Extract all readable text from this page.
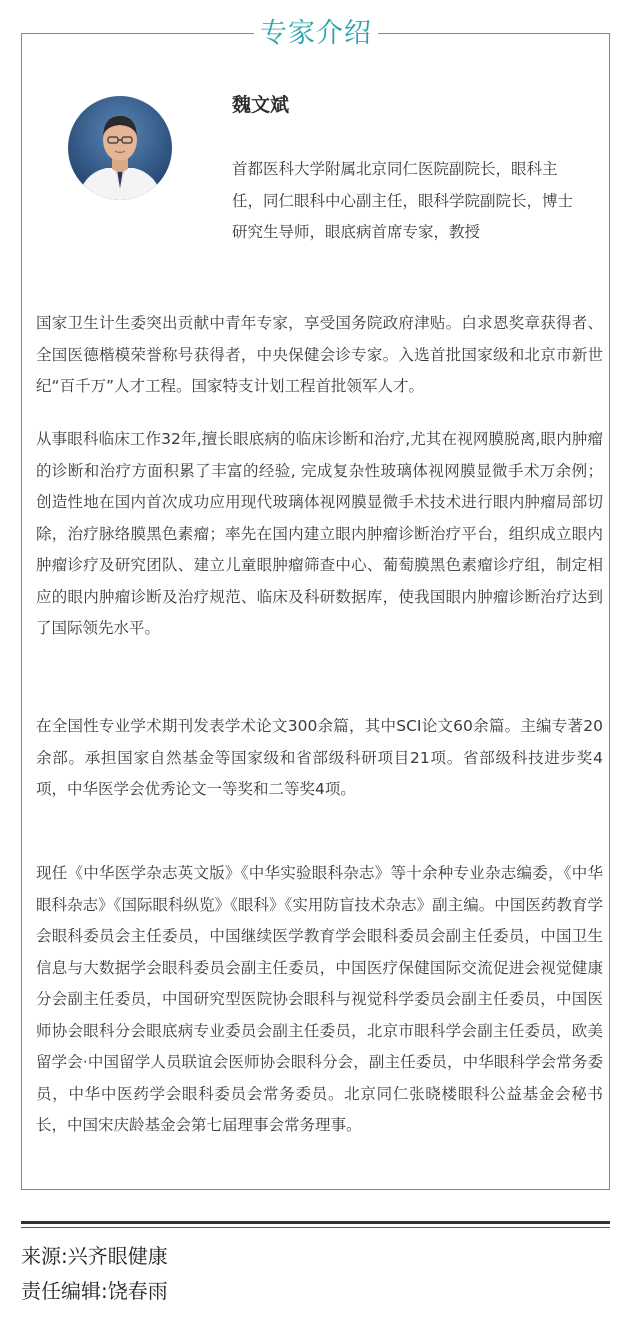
专家介绍
魏文斌
首都医科大学附属北京同仁医院副院长，眼科主任，同仁眼科中心副主任，眼科学院副院长，博士研究生导师，眼底病首席专家，教授
国家卫生计生委突出贡献中青年专家，享受国务院政府津贴。白求恩奖章获得者、全国医德楷模荣誉称号获得者，中央保健会诊专家。入选首批国家级和北京市新世纪“百千万”人才工程。国家特支计划工程首批领军人才。
从事眼科临床工作32年,擅长眼底病的临床诊断和治疗,尤其在视网膜脱离,眼内肿瘤的诊断和治疗方面积累了丰富的经验, 完成复杂性玻璃体视网膜显微手术万余例；创造性地在国内首次成功应用现代玻璃体视网膜显微手术技术进行眼内肿瘤局部切除，治疗脉络膜黑色素瘤；率先在国内建立眼内肿瘤诊断治疗平台，组织成立眼内肿瘤诊疗及研究团队、建立儿童眼肿瘤筛查中心、葡萄膜黑色素瘤诊疗组，制定相应的眼内肿瘤诊断及治疗规范、临床及科研数据库，使我国眼内肿瘤诊断治疗达到了国际领先水平。
在全国性专业学术期刊发表学术论文300余篇，其中SCI论文60余篇。主编专著20余部。承担国家自然基金等国家级和省部级科研项目21项。省部级科技进步奖4项，中华医学会优秀论文一等奖和二等奖4项。
现任《中华医学杂志英文版》《中华实验眼科杂志》等十余种专业杂志编委，《中华眼科杂志》《国际眼科纵览》《眼科》《实用防盲技术杂志》副主编。中国医药教育学会眼科委员会主任委员，中国继续医学教育学会眼科委员会副主任委员，中国卫生信息与大数据学会眼科委员会副主任委员，中国医疗保健国际交流促进会视觉健康分会副主任委员，中国研究型医院协会眼科与视觉科学委员会副主任委员，中国医师协会眼科分会眼底病专业委员会副主任委员，北京市眼科学会副主任委员，欧美留学会·中国留学人员联谊会医师协会眼科分会，副主任委员，中华眼科学会常务委员，中华中医药学会眼科委员会常务委员。北京同仁张晓楼眼科公益基金会秘书长，中国宋庆龄基金会第七届理事会常务理事。
来源:兴齐眼健康
责任编辑:饶春雨
